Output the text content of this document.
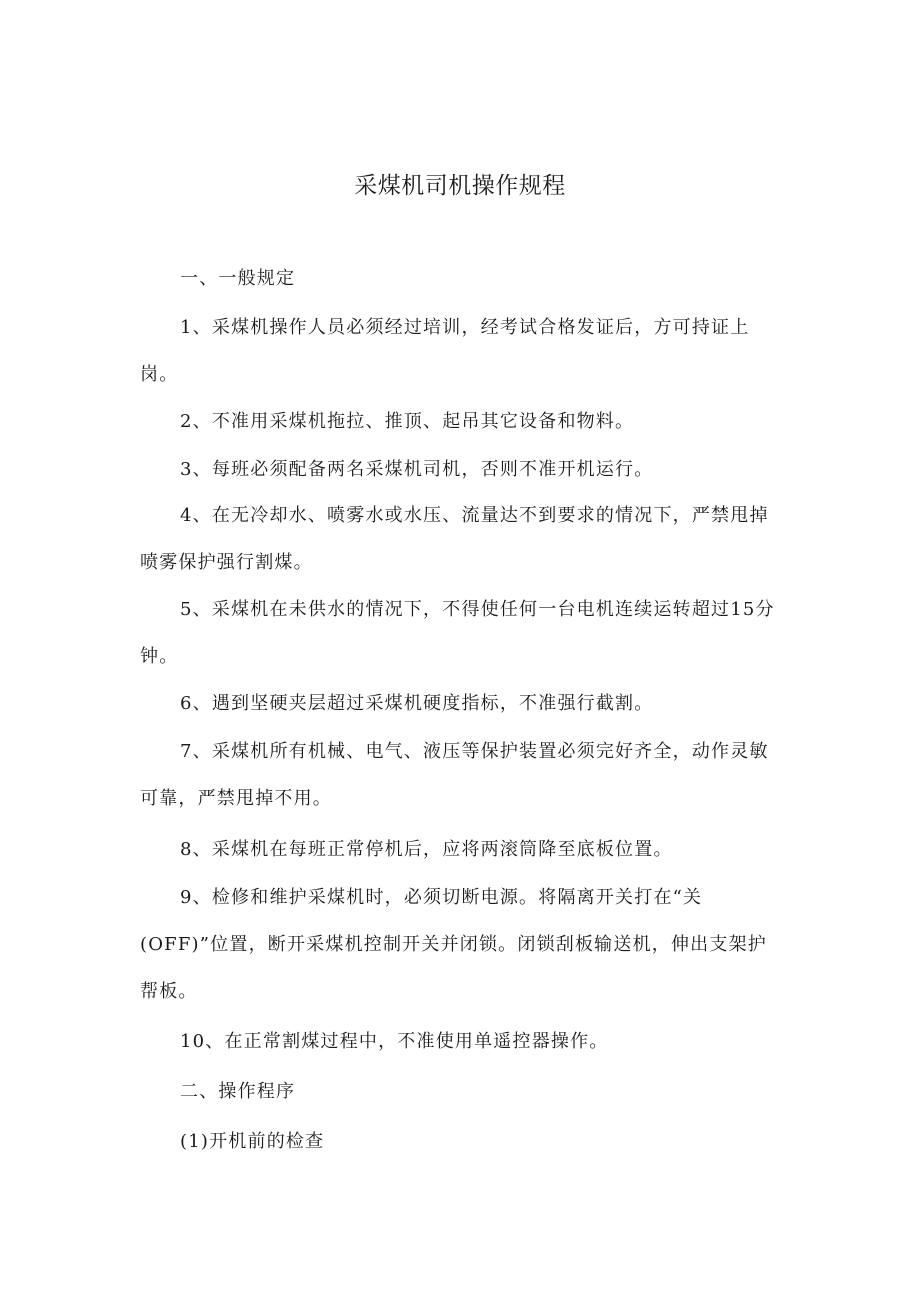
采煤机司机操作规程

一、一般规定

1、采煤机操作人员必须经过培训，经考试合格发证后，方可持证上岗。

2、不准用采煤机拖拉、推顶、起吊其它设备和物料。

3、每班必须配备两名采煤机司机，否则不准开机运行。

4、在无冷却水、喷雾水或水压、流量达不到要求的情况下，严禁甩掉喷雾保护强行割煤。

5、采煤机在未供水的情况下，不得使任何一台电机连续运转超过15分钟。

6、遇到坚硬夹层超过采煤机硬度指标，不准强行截割。

7、采煤机所有机械、电气、液压等保护装置必须完好齐全，动作灵敏可靠，严禁甩掉不用。

8、采煤机在每班正常停机后，应将两滚筒降至底板位置。

9、检修和维护采煤机时，必须切断电源。将隔离开关打在“关(OFF)”位置，断开采煤机控制开关并闭锁。闭锁刮板输送机，伸出支架护帮板。

10、在正常割煤过程中，不准使用单遥控器操作。

二、操作程序

(1)开机前的检查
